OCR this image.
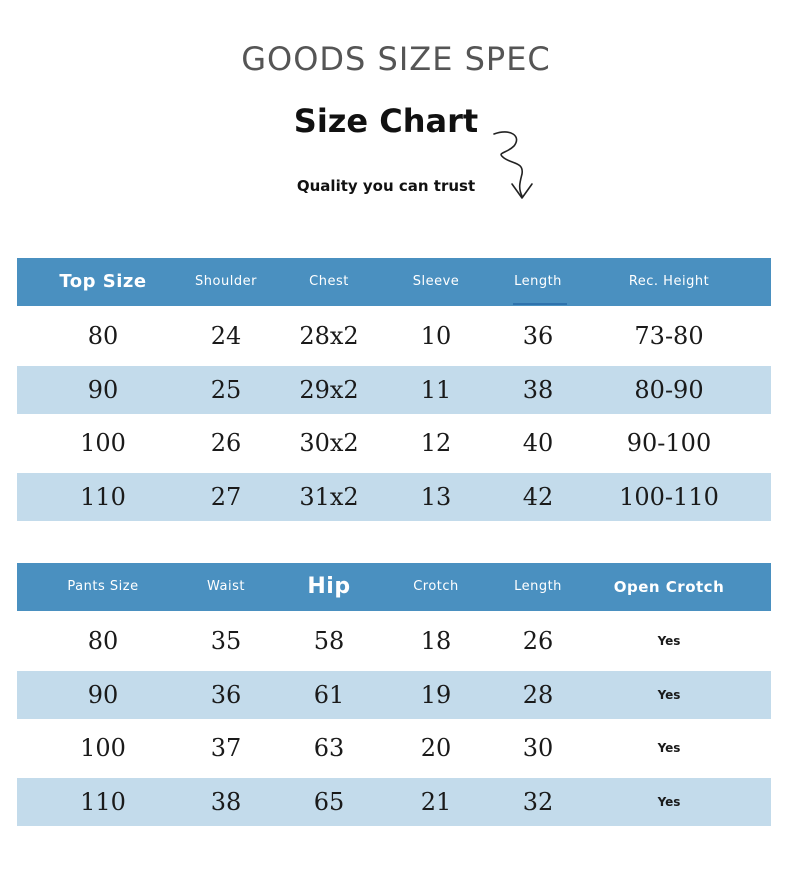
GOODS SIZE SPEC
Size Chart
Quality you can trust
Top Size	Shoulder	Chest	Sleeve	Length	Rec. Height
80	24	28x2	10	36	73-80
90	25	29x2	11	38	80-90
100	26	30x2	12	40	90-100
110	27	31x2	13	42	100-110
Pants Size	Waist	Hip	Crotch	Length	Open Crotch
80	35	58	18	26	Yes
90	36	61	19	28	Yes
100	37	63	20	30	Yes
110	38	65	21	32	Yes
